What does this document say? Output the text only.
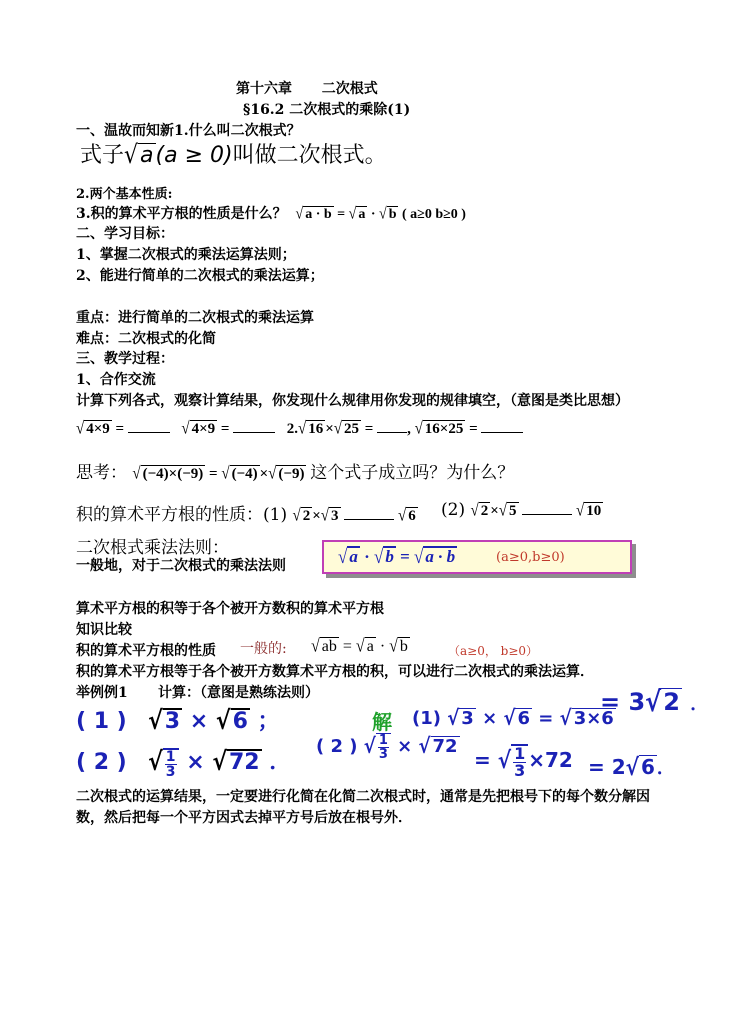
第十六章 二次根式
§16.2 二次根式的乘除(1)
一、温故而知新1.什么叫二次根式？
式子√a(a ≥ 0)叫做二次根式。
2.两个基本性质:
3.积的算术平方根的性质是什么？ √ a · b = √ a · √ b ( a≥0 b≥0 )
二、学习目标：
1、掌握二次根式的乘法运算法则；
2、能进行简单的二次根式的乘法运算；
重点：进行简单的二次根式的乘法运算
难点：二次根式的化简
三、教学过程：
1、合作交流
计算下列各式，观察计算结果，你发现什么规律用你发现的规律填空，（意图是类比思想）
√ 4×9 =	√ 4×9 =	2.√ 16 ×√ 25 = , √ 16×25 =
思考： √ (−4)×(−9) = √ (−4) ×√ (−9) 这个式子成立吗？为什么？
积的算术平方根的性质：(1) √ 2 ×√ 3	√ 6 (2) √ 2 ×√ 5	√ 10
二次根式乘法法则：
一般地，对于二次根式的乘法法则	√ a · √ b = √ a · b	(a≥0,b≥0)
算术平方根的积等于各个被开方数积的算术平方根
知识比较
积的算术平方根的性质 一般的: √ ab = √ a · √ b	（a≥0， b≥0）
积的算术平方根等于各个被开方数算术平方根的积，可以进行二次根式的乘法运算．
举例例1 计算：（意图是熟练法则）
( 1 ) √3 × √6 ；
( 2 ) √ $\frac{1}{3} \times √72$ ．
解 (1) √ 3 × √ 6 = √ 3×6
= 3√2 ．
( 2 ) √ $\frac{1}{3}$ × √ 72
= √ $\frac{1}{3} \times 72 = 2√$ 6 ．
二次根式的运算结果，一定要进行化简在化简二次根式时，通常是先把根号下的每个数分解因
数，然后把每一个平方因式去掉平方号后放在根号外．
